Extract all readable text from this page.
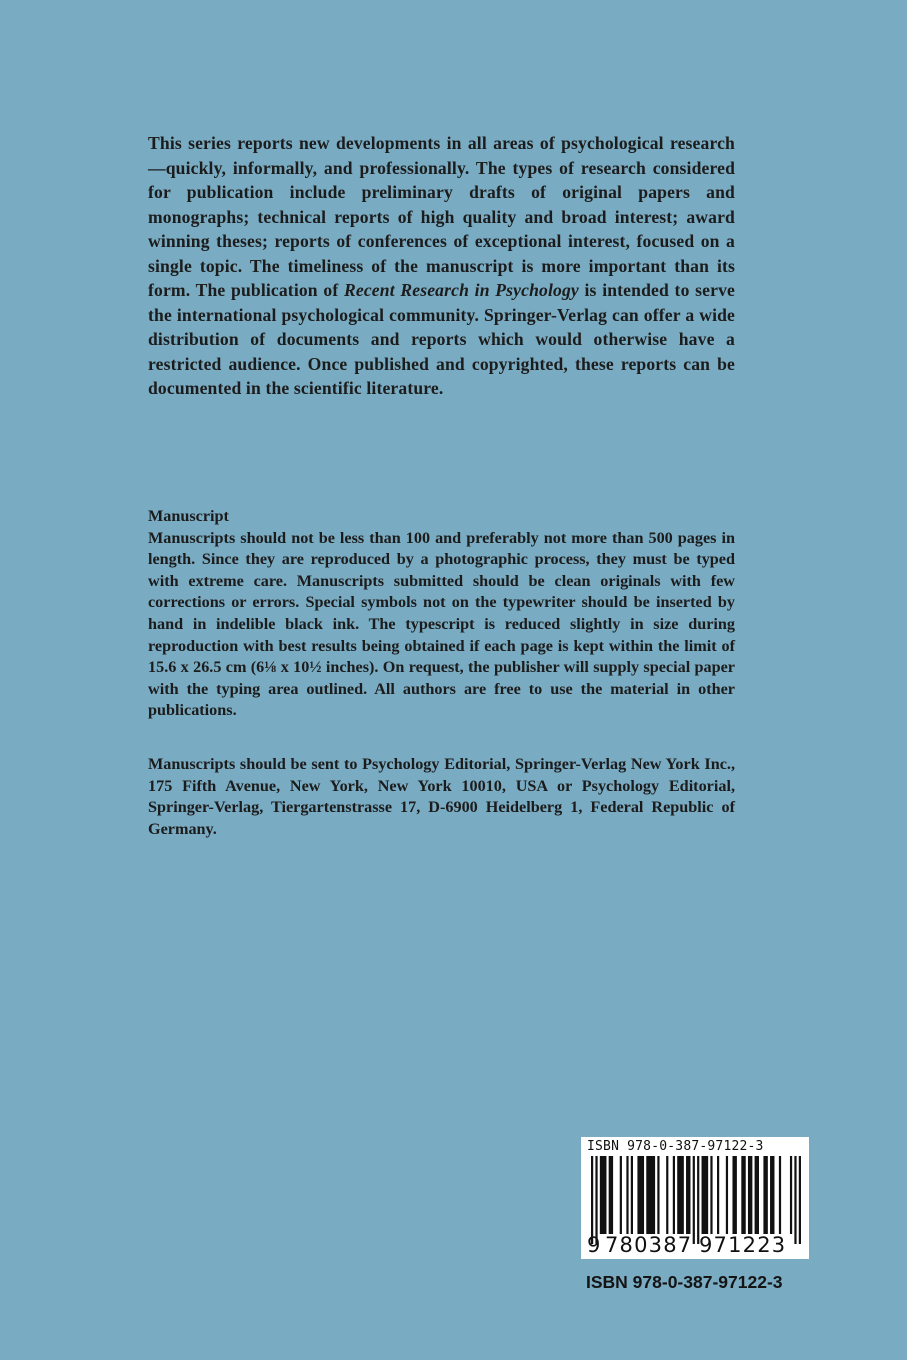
This series reports new developments in all areas of psychological research—quickly, informally, and professionally. The types of research considered for publication include preliminary drafts of original papers and monographs; technical reports of high quality and broad interest; award winning theses; reports of conferences of exceptional interest, focused on a single topic. The timeliness of the manuscript is more important than its form. The publication of Recent Research in Psychology is intended to serve the international psychological community. Springer-Verlag can offer a wide distribution of documents and reports which would otherwise have a restricted audience. Once published and copyrighted, these reports can be documented in the scientific literature.
Manuscript
Manuscripts should not be less than 100 and preferably not more than 500 pages in length. Since they are reproduced by a photographic process, they must be typed with extreme care. Manuscripts submitted should be clean originals with few corrections or errors. Special symbols not on the typewriter should be inserted by hand in indelible black ink. The typescript is reduced slightly in size during reproduction with best results being obtained if each page is kept within the limit of 15.6 x 26.5 cm (6⅛ x 10½ inches). On request, the publisher will supply special paper with the typing area outlined. All authors are free to use the material in other publications.
Manuscripts should be sent to Psychology Editorial, Springer-Verlag New York Inc., 175 Fifth Avenue, New York, New York 10010, USA or Psychology Editorial, Springer-Verlag, Tiergartenstrasse 17, D-6900 Heidelberg 1, Federal Republic of Germany.
ISBN 978-0-387-97122-3
9 780387 971223
ISBN 978-0-387-97122-3
